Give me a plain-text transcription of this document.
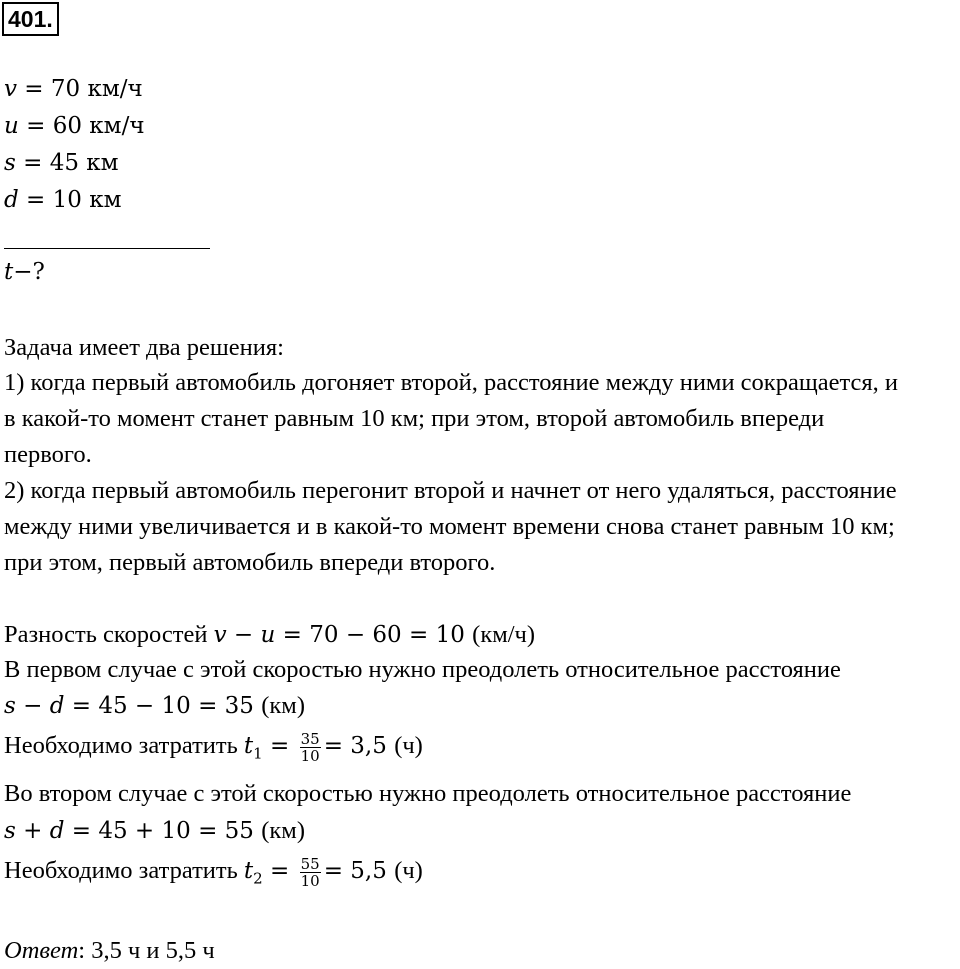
401.
v = 70 км/ч
u = 60 км/ч
s = 45 км
d = 10 км
t−?
Задача имеет два решения:
1) когда первый автомобиль догоняет второй, расстояние между ними сокращается, и
в какой-то момент станет равным 10 км; при этом, второй автомобиль впереди
первого.
2) когда первый автомобиль перегонит второй и начнет от него удаляться, расстояние
между ними увеличивается и в какой-то момент времени снова станет равным 10 км;
при этом, первый автомобиль впереди второго.
Разность скоростей v − u = 70 − 60 = 10 (км/ч)
В первом случае с этой скоростью нужно преодолеть относительное расстояние
s − d = 45 − 10 = 35 (км)
Необходимо затратить $t_1 = \frac{35}{10} = 3,5$ (ч)
Во втором случае с этой скоростью нужно преодолеть относительное расстояние
s + d = 45 + 10 = 55 (км)
Необходимо затратить $t_2 = \frac{55}{10} = 5,5$ (ч)
Ответ: 3,5 ч и 5,5 ч
